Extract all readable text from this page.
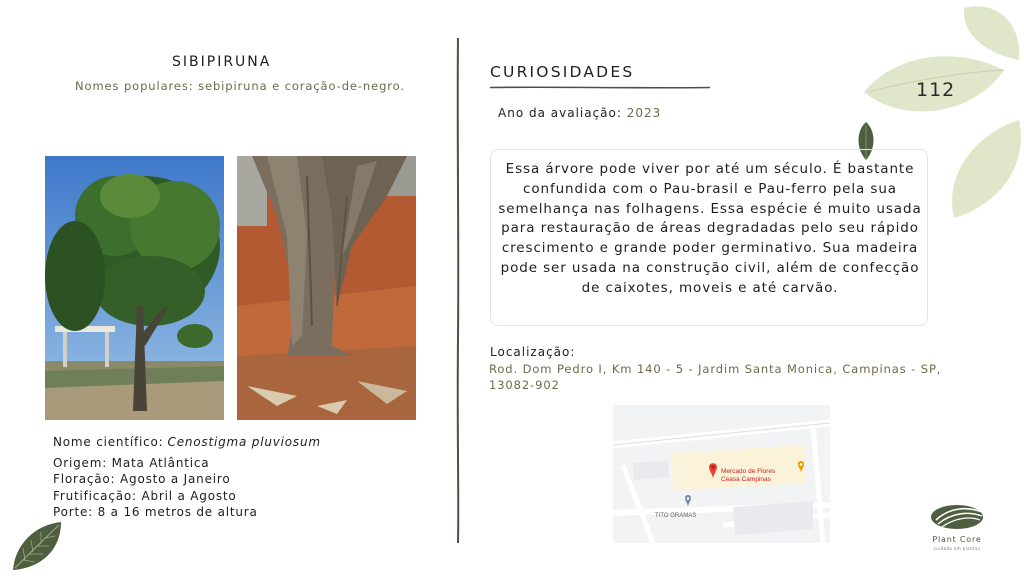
112
SIBIPIRUNA
Nomes populares: sebipiruna e coração-de-negro.
Nome científico: Cenostigma pluviosum
Origem: Mata Atlântica
Floração: Agosto a Janeiro
Frutificação: Abril a Agosto
Porte: 8 a 16 metros de altura
CURIOSIDADES
Ano da avaliação: 2023
Essa árvore pode viver por até um século. É bastante confundida com o Pau-brasil e Pau-ferro pela sua semelhança nas folhagens. Essa espécie é muito usada para restauração de áreas degradadas pelo seu rápido crescimento e grande poder germinativo. Sua madeira pode ser usada na construção civil, além de confecção de caixotes, moveis e até carvão.
Localização:
Rod. Dom Pedro I, Km 140 - 5 - Jardim Santa Monica, Campinas - SP, 13082-902
Mercado de Flores
Ceasa Campinas
TITO GRAMAS
Plant Core
cuidado em plantas
